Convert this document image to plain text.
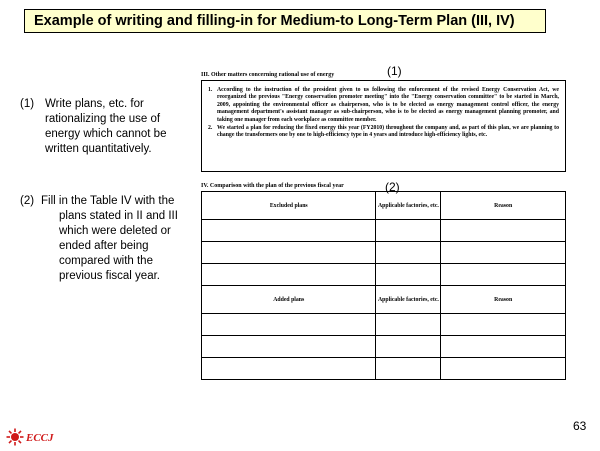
Example of writing and filling-in for Medium-to Long-Term Plan (III, IV)
(1) Write plans, etc. for
rationalizing the use of
energy which cannot be
written quantitatively.
(2) Fill in the Table IV with the
plans stated in II and III
which were deleted or
ended after being
compared with the
previous fiscal year.
(1)
(2)
III. Other matters concerning rational use of energy
1. According to the instruction of the president given to us following the enforcement of the revised Energy Conservation Act, we reorganized the previous "Energy conservation promoter meeting" into the "Energy conservation committee" to be started in March, 2009, appointing the environmental officer as chairperson, who is to be elected as energy management control officer, the energy management department's assistant manager as sub-chairperson, who is to be elected as energy management planning promoter, and taking one manager from each workplace as committee member.
2. We started a plan for reducing the fixed energy this year (FY2010) throughout the company and, as part of this plan, we are planning to change the transformers one by one to high-efficiency type in 4 years and introduce high-efficiency lights, etc.
IV. Comparison with the plan of the previous fiscal year
Excluded plans	Applicable factories, etc.	Reason

Added plans	Applicable factories, etc.	Reason

63
ECCJ
